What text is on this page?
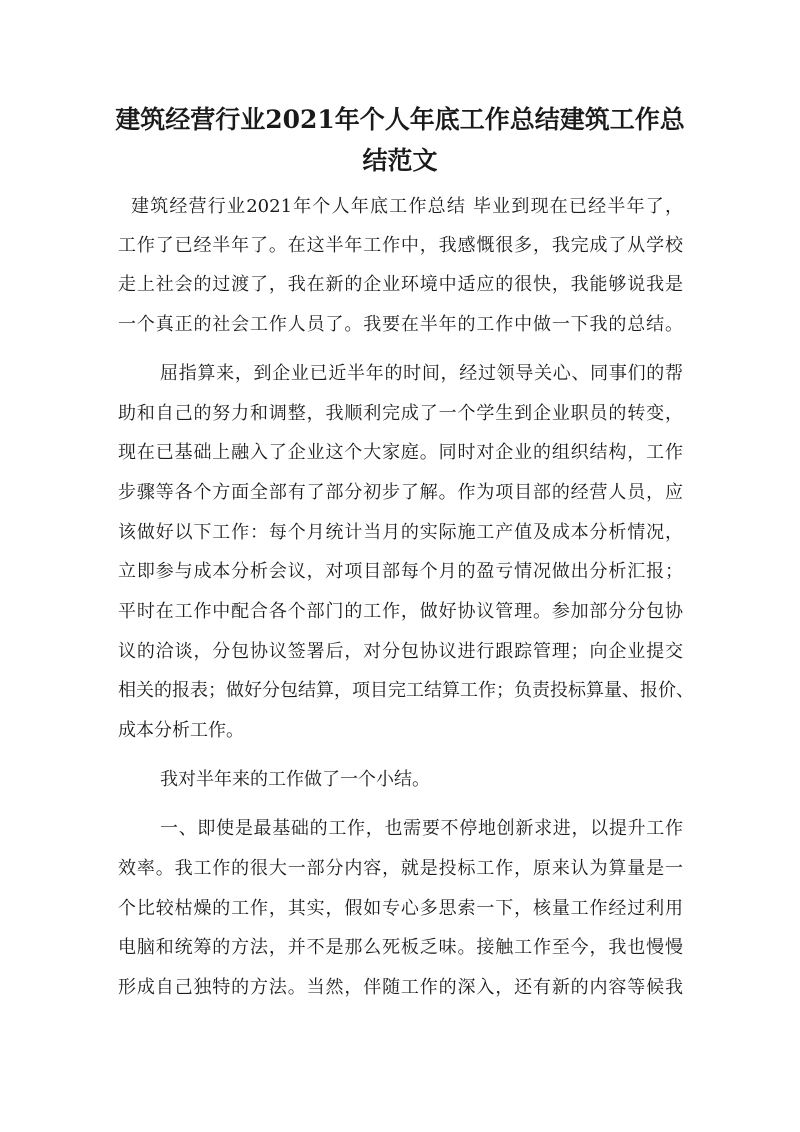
建筑经营行业2021年个人年底工作总结建筑工作总
结范文
建筑经营行业2021年个人年底工作总结 毕业到现在已经半年了，
工作了已经半年了。在这半年工作中，我感慨很多，我完成了从学校
走上社会的过渡了，我在新的企业环境中适应的很快，我能够说我是
一个真正的社会工作人员了。我要在半年的工作中做一下我的总结。
屈指算来，到企业已近半年的时间，经过领导关心、同事们的帮
助和自己的努力和调整，我顺利完成了一个学生到企业职员的转变，
现在已基础上融入了企业这个大家庭。同时对企业的组织结构，工作
步骤等各个方面全部有了部分初步了解。作为项目部的经营人员，应
该做好以下工作：每个月统计当月的实际施工产值及成本分析情况，
立即参与成本分析会议，对项目部每个月的盈亏情况做出分析汇报；
平时在工作中配合各个部门的工作，做好协议管理。参加部分分包协
议的洽谈，分包协议签署后，对分包协议进行跟踪管理；向企业提交
相关的报表；做好分包结算，项目完工结算工作；负责投标算量、报价、
成本分析工作。
我对半年来的工作做了一个小结。
一、即使是最基础的工作，也需要不停地创新求进，以提升工作
效率。我工作的很大一部分内容，就是投标工作，原来认为算量是一
个比较枯燥的工作，其实，假如专心多思索一下，核量工作经过利用
电脑和统筹的方法，并不是那么死板乏味。接触工作至今，我也慢慢
形成自己独特的方法。当然，伴随工作的深入，还有新的内容等候我
